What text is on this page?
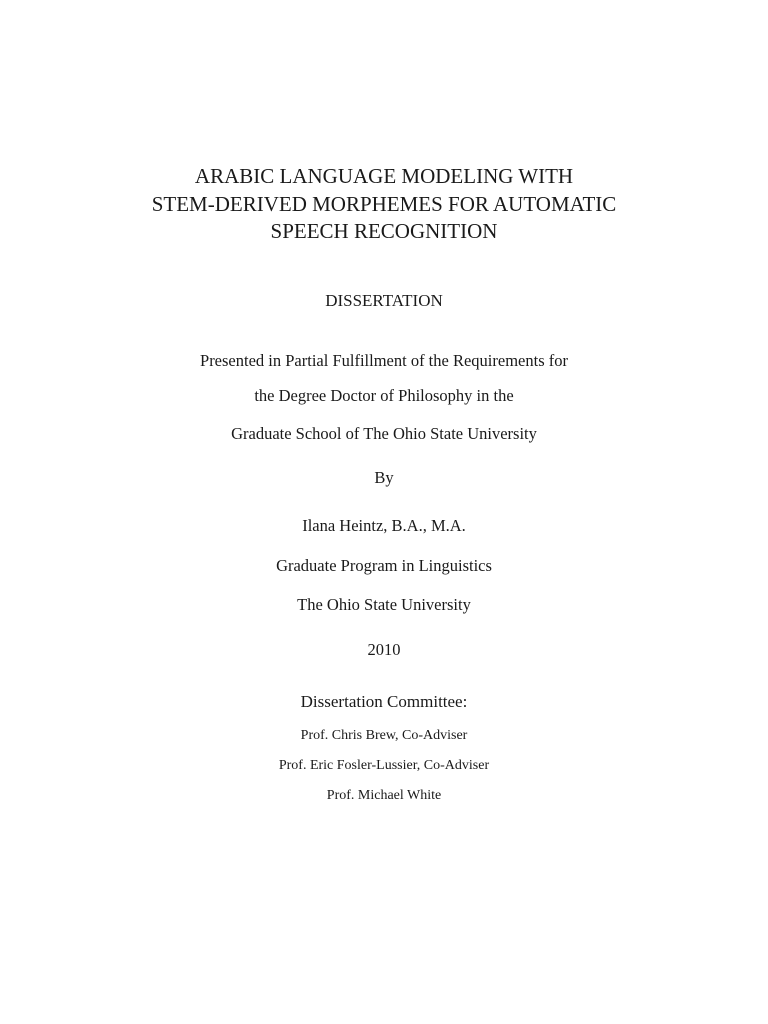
ARABIC LANGUAGE MODELING WITH
STEM-DERIVED MORPHEMES FOR AUTOMATIC
SPEECH RECOGNITION

DISSERTATION

Presented in Partial Fulfillment of the Requirements for

the Degree Doctor of Philosophy in the

Graduate School of The Ohio State University

By

Ilana Heintz, B.A., M.A.

Graduate Program in Linguistics

The Ohio State University

2010

Dissertation Committee:

Prof. Chris Brew, Co-Adviser

Prof. Eric Fosler-Lussier, Co-Adviser

Prof. Michael White
